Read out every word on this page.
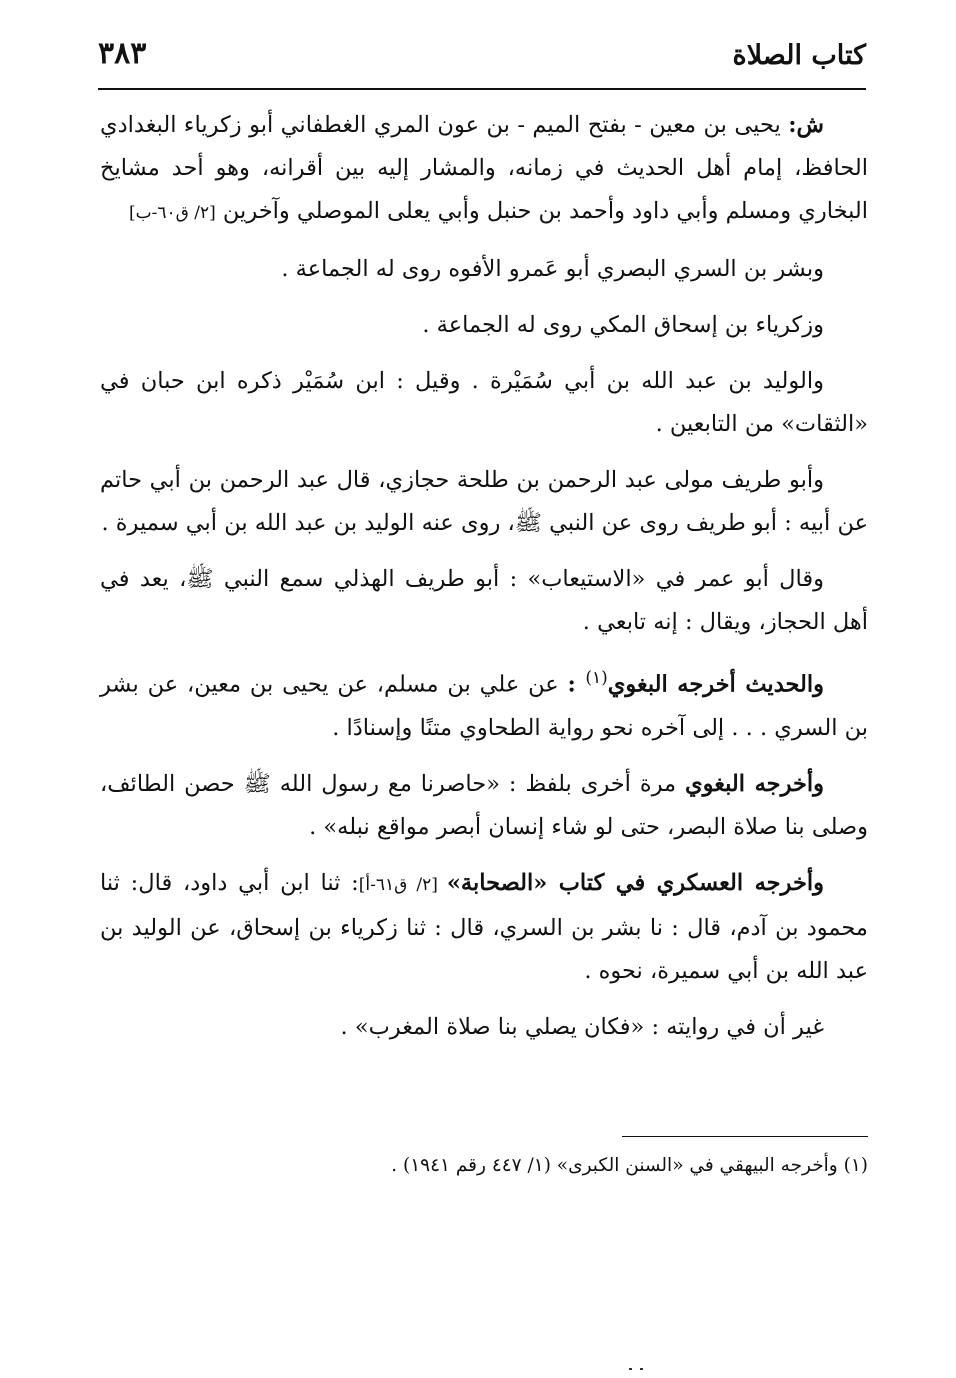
كتاب الصلاة
٣٨٣

ش: يحيى بن معين - بفتح الميم - بن عون المري الغطفاني أبو زكرياء البغدادي الحافظ، إمام أهل الحديث في زمانه، والمشار إليه بين أقرانه، وهو أحد مشايخ البخاري ومسلم وأبي داود وأحمد بن حنبل وأبي يعلى الموصلي وآخرين [٢/ ق٦٠-ب]

وبشر بن السري البصري أبو عَمرو الأفوه روى له الجماعة .

وزكرياء بن إسحاق المكي روى له الجماعة .

والوليد بن عبد الله بن أبي سُمَيْرة . وقيل : ابن سُمَيْر ذكره ابن حبان في «الثقات» من التابعين .

وأبو طريف مولى عبد الرحمن بن طلحة حجازي، قال عبد الرحمن بن أبي حاتم عن أبيه : أبو طريف روى عن النبي ﷺ، روى عنه الوليد بن عبد الله بن أبي سميرة .

وقال أبو عمر في «الاستيعاب» : أبو طريف الهذلي سمع النبي ﷺ، يعد في أهل الحجاز، ويقال : إنه تابعي .

والحديث أخرجه البغوي$^{(١)}$ : عن علي بن مسلم، عن يحيى بن معين، عن بشر بن السري . . . إلى آخره نحو رواية الطحاوي متنًا وإسنادًا .

وأخرجه البغوي مرة أخرى بلفظ : «حاصرنا مع رسول الله ﷺ حصن الطائف، وصلى بنا صلاة البصر، حتى لو شاء إنسان أبصر مواقع نبله» .

وأخرجه العسكري في كتاب «الصحابة» [٢/ ق٦١-أ]: ثنا ابن أبي داود، قال: ثنا محمود بن آدم، قال : نا بشر بن السري، قال : ثنا زكرياء بن إسحاق، عن الوليد بن عبد الله بن أبي سميرة، نحوه .

غير أن في روايته : «فكان يصلي بنا صلاة المغرب» .

(١) وأخرجه البيهقي في «السنن الكبرى» (١/ ٤٤٧ رقم ١٩٤١) .
